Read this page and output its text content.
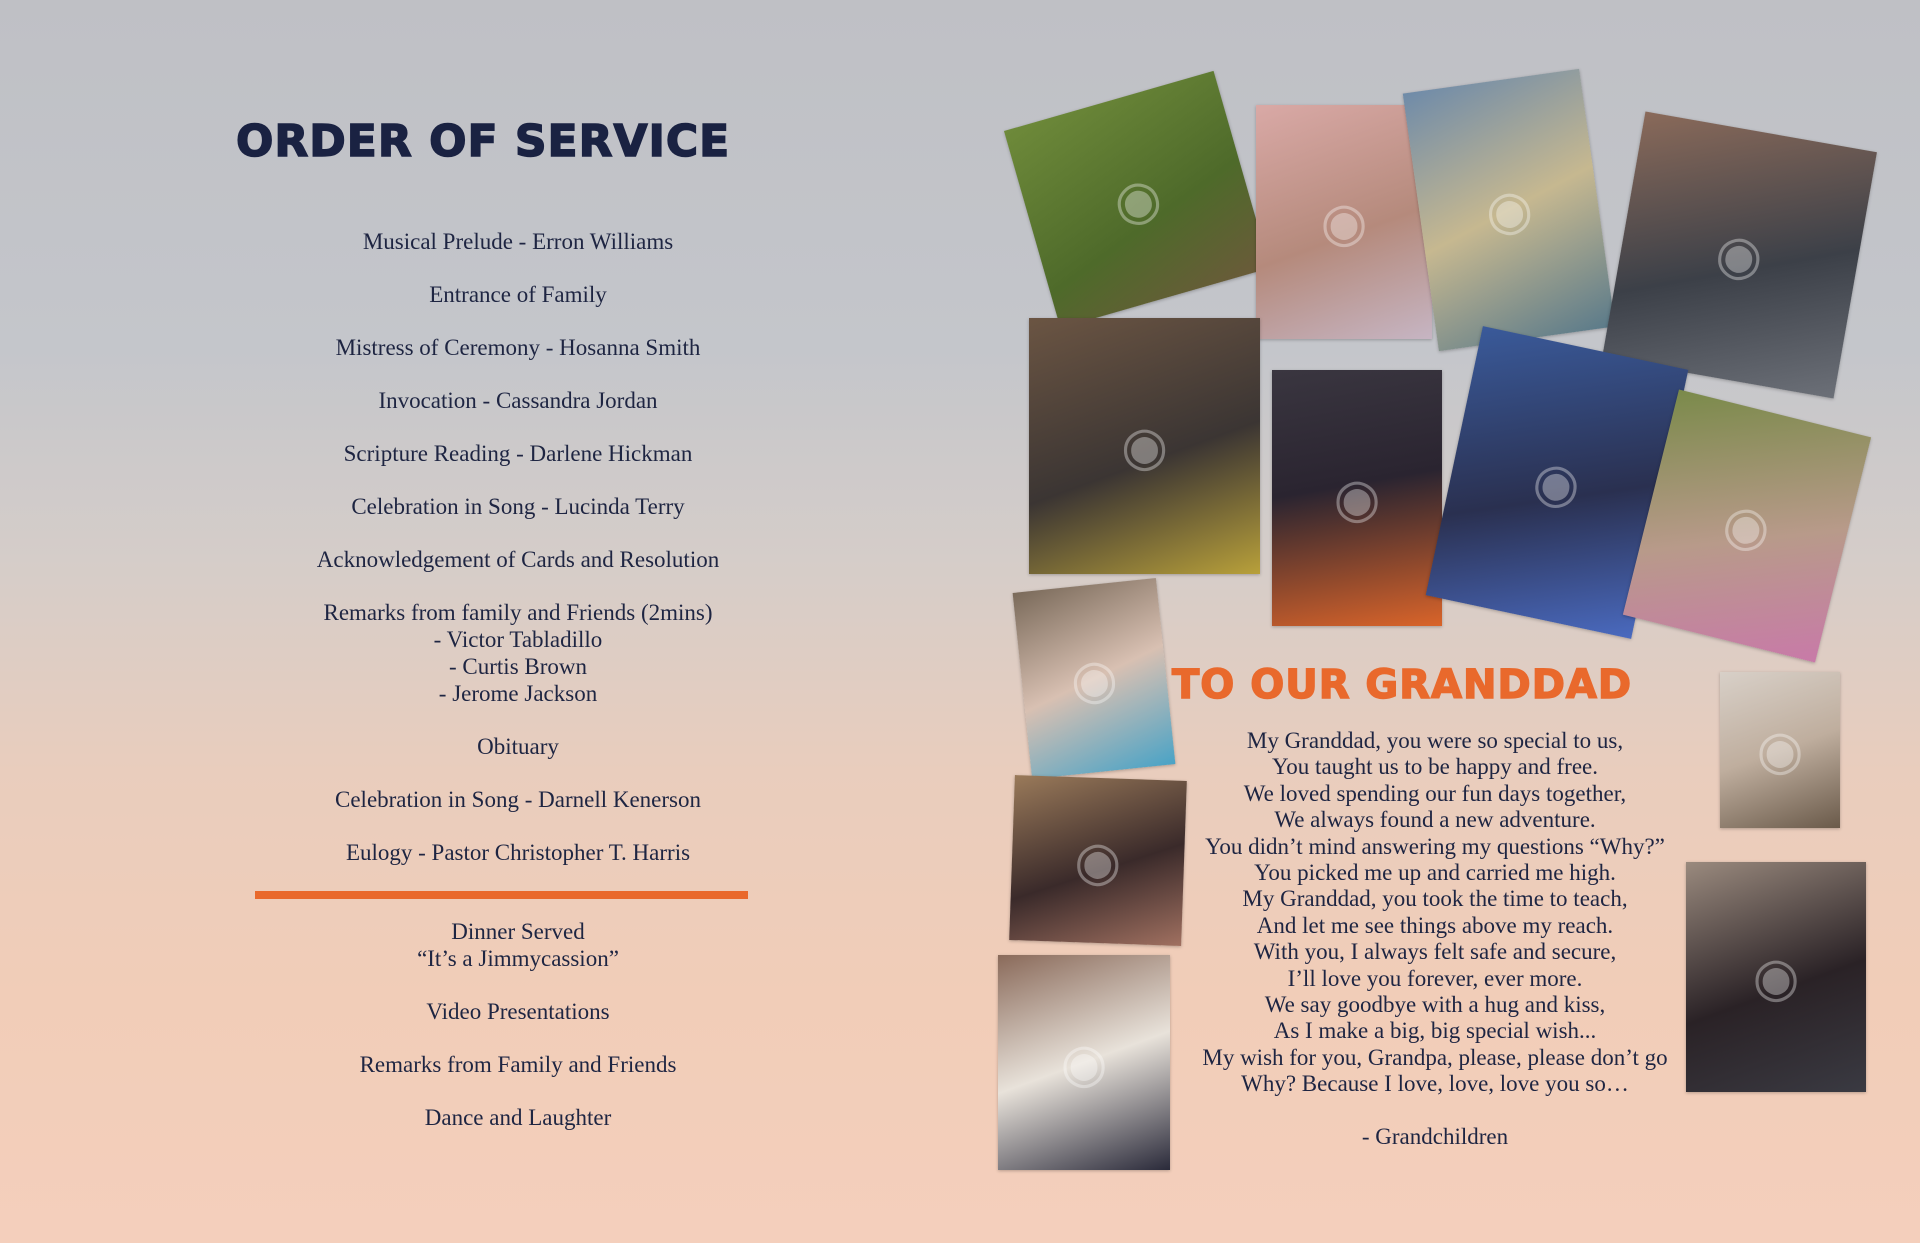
ORDER OF SERVICE
Musical Prelude - Erron Williams
Entrance of Family
Mistress of Ceremony - Hosanna Smith
Invocation - Cassandra Jordan
Scripture Reading - Darlene Hickman
Celebration in Song - Lucinda Terry
Acknowledgement of Cards and Resolution
Remarks from family and Friends (2mins)
- Victor Tabladillo
- Curtis Brown
- Jerome Jackson
Obituary
Celebration in Song - Darnell Kenerson
Eulogy - Pastor Christopher T. Harris
Dinner Served
“It’s a Jimmycassion”
Video Presentations
Remarks from Family and Friends
Dance and Laughter
◉	◉ ◉
◉
◉
◉	◉
◉
◉
◉
◉
◉
◉
TO OUR GRANDDAD
My Granddad, you were so special to us,
You taught us to be happy and free.
We loved spending our fun days together,
We always found a new adventure.
You didn’t mind answering my questions “Why?”
You picked me up and carried me high.
My Granddad, you took the time to teach,
And let me see things above my reach.
With you, I always felt safe and secure,
I’ll love you forever, ever more.
We say goodbye with a hug and kiss,
As I make a big, big special wish...
My wish for you, Grandpa, please, please don’t go
Why? Because I love, love, love you so…
- Grandchildren
